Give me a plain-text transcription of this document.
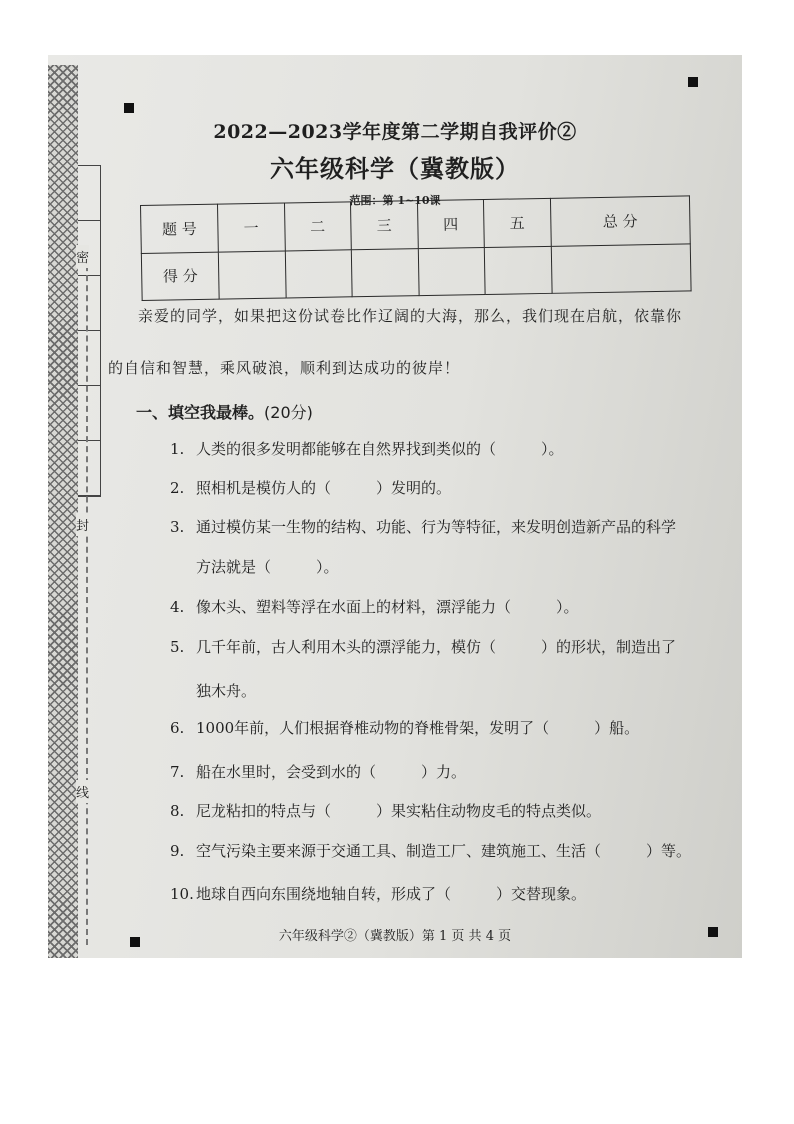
密
封
线
2022—2023学年度第二学期自我评价②
六年级科学（冀教版）
范围：第 1~10课
题 号	一	二	三	四	五	总 分
得 分						
亲爱的同学，如果把这份试卷比作辽阔的大海，那么，我们现在启航，依靠你
的自信和智慧，乘风破浪，顺利到达成功的彼岸！
一、填空我最棒。(20分)
1. 人类的很多发明都能够在自然界找到类似的（　　　）。
2. 照相机是模仿人的（　　　）发明的。
3. 通过模仿某一生物的结构、功能、行为等特征，来发明创造新产品的科学
方法就是（　　　）。
4. 像木头、塑料等浮在水面上的材料，漂浮能力（　　　）。
5. 几千年前，古人利用木头的漂浮能力，模仿（　　　）的形状，制造出了
独木舟。
6. 1000年前，人们根据脊椎动物的脊椎骨架，发明了（　　　）船。
7. 船在水里时，会受到水的（　　　）力。
8. 尼龙粘扣的特点与（　　　）果实粘住动物皮毛的特点类似。
9. 空气污染主要来源于交通工具、制造工厂、建筑施工、生活（　　　）等。
10. 地球自西向东围绕地轴自转，形成了（　　　）交替现象。
六年级科学②（冀教版）第 1 页 共 4 页
